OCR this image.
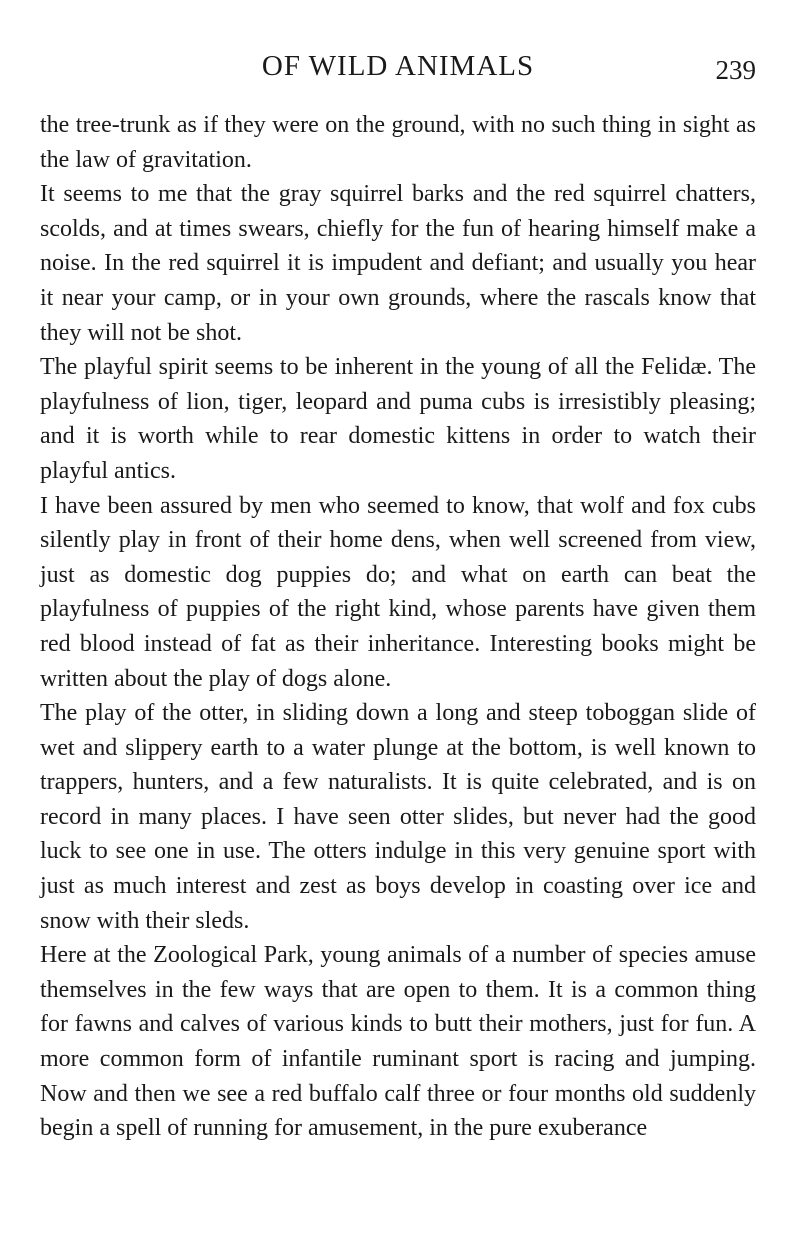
OF WILD ANIMALS	239

the tree-trunk as if they were on the ground, with no such thing in sight as the law of gravitation.

It seems to me that the gray squirrel barks and the red squirrel chatters, scolds, and at times swears, chiefly for the fun of hearing himself make a noise. In the red squirrel it is impudent and defiant; and usually you hear it near your camp, or in your own grounds, where the rascals know that they will not be shot.

The playful spirit seems to be inherent in the young of all the Felidæ. The playfulness of lion, tiger, leopard and puma cubs is irresistibly pleasing; and it is worth while to rear domestic kittens in order to watch their playful antics.

I have been assured by men who seemed to know, that wolf and fox cubs silently play in front of their home dens, when well screened from view, just as domestic dog puppies do; and what on earth can beat the playfulness of puppies of the right kind, whose parents have given them red blood instead of fat as their inheritance. Interesting books might be written about the play of dogs alone.

The play of the otter, in sliding down a long and steep toboggan slide of wet and slippery earth to a water plunge at the bottom, is well known to trappers, hunters, and a few naturalists. It is quite celebrated, and is on record in many places. I have seen otter slides, but never had the good luck to see one in use. The otters indulge in this very genuine sport with just as much interest and zest as boys develop in coasting over ice and snow with their sleds.

Here at the Zoological Park, young animals of a number of species amuse themselves in the few ways that are open to them. It is a common thing for fawns and calves of various kinds to butt their mothers, just for fun. A more common form of infantile ruminant sport is racing and jumping. Now and then we see a red buffalo calf three or four months old suddenly begin a spell of running for amusement, in the pure exuberance
